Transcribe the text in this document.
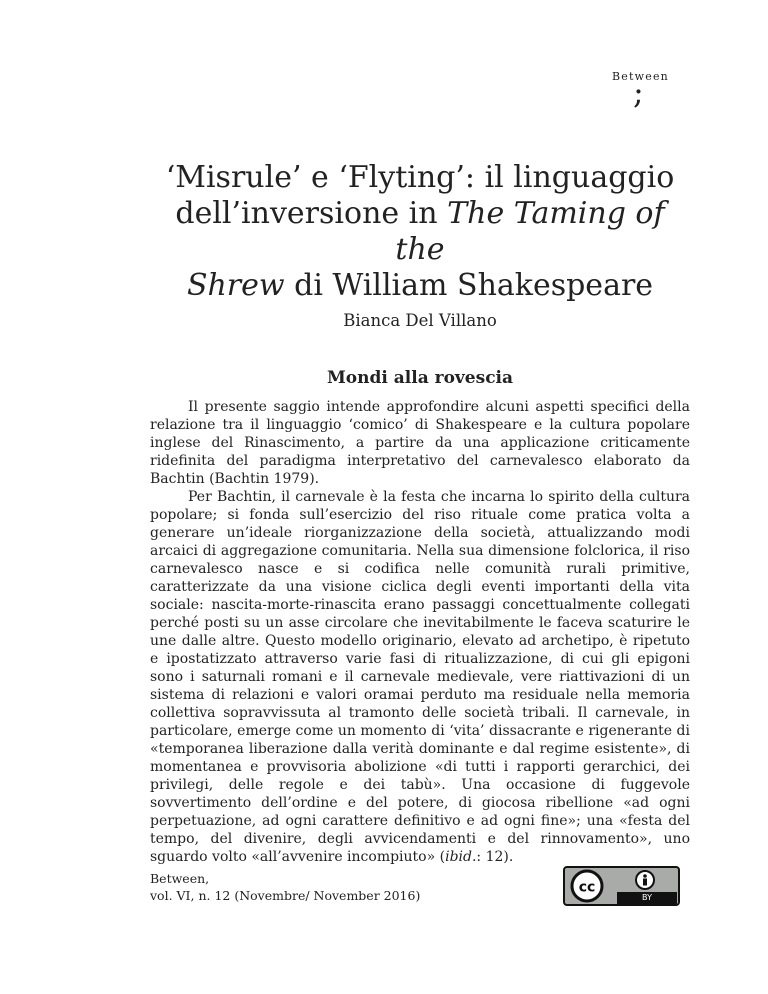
Between
;
‘Misrule’ e ‘Flyting’: il linguaggio
dell’inversione in The Taming of the
Shrew di William Shakespeare
Bianca Del Villano
Mondi alla rovescia

Il presente saggio intende approfondire alcuni aspetti specifici della relazione tra il linguaggio ‘comico’ di Shakespeare e la cultura popolare inglese del Rinascimento, a partire da una applicazione criticamente ridefinita del paradigma interpretativo del carnevalesco elaborato da Bachtin (Bachtin 1979).

Per Bachtin, il carnevale è la festa che incarna lo spirito della cultura popolare; si fonda sull’esercizio del riso rituale come pratica volta a generare un’ideale riorganizzazione della società, attualizzando modi arcaici di aggregazione comunitaria. Nella sua dimensione folclorica, il riso carnevalesco nasce e si codifica nelle comunità rurali primitive, caratterizzate da una visione ciclica degli eventi importanti della vita sociale: nascita-morte-rinascita erano passaggi concettualmente collegati perché posti su un asse circolare che inevitabilmente le faceva scaturire le une dalle altre. Questo modello originario, elevato ad archetipo, è ripetuto e ipostatizzato attraverso varie fasi di ritualizzazione, di cui gli epigoni sono i saturnali romani e il carnevale medievale, vere riattivazioni di un sistema di relazioni e valori oramai perduto ma residuale nella memoria collettiva sopravvissuta al tramonto delle società tribali. Il carnevale, in particolare, emerge come un momento di ‘vita’ dissacrante e rigenerante di «temporanea liberazione dalla verità dominante e dal regime esistente», di momentanea e provvisoria abolizione «di tutti i rapporti gerarchici, dei privilegi, delle regole e dei tabù». Una occasione di fuggevole sovvertimento dell’ordine e del potere, di giocosa ribellione «ad ogni perpetuazione, ad ogni carattere definitivo e ad ogni fine»; una «festa del tempo, del divenire, degli avvicendamenti e del rinnovamento», uno sguardo volto «all’avvenire incompiuto» (ibid.: 12).

Between,
vol. VI, n. 12 (Novembre/ November 2016)	cc
BY
